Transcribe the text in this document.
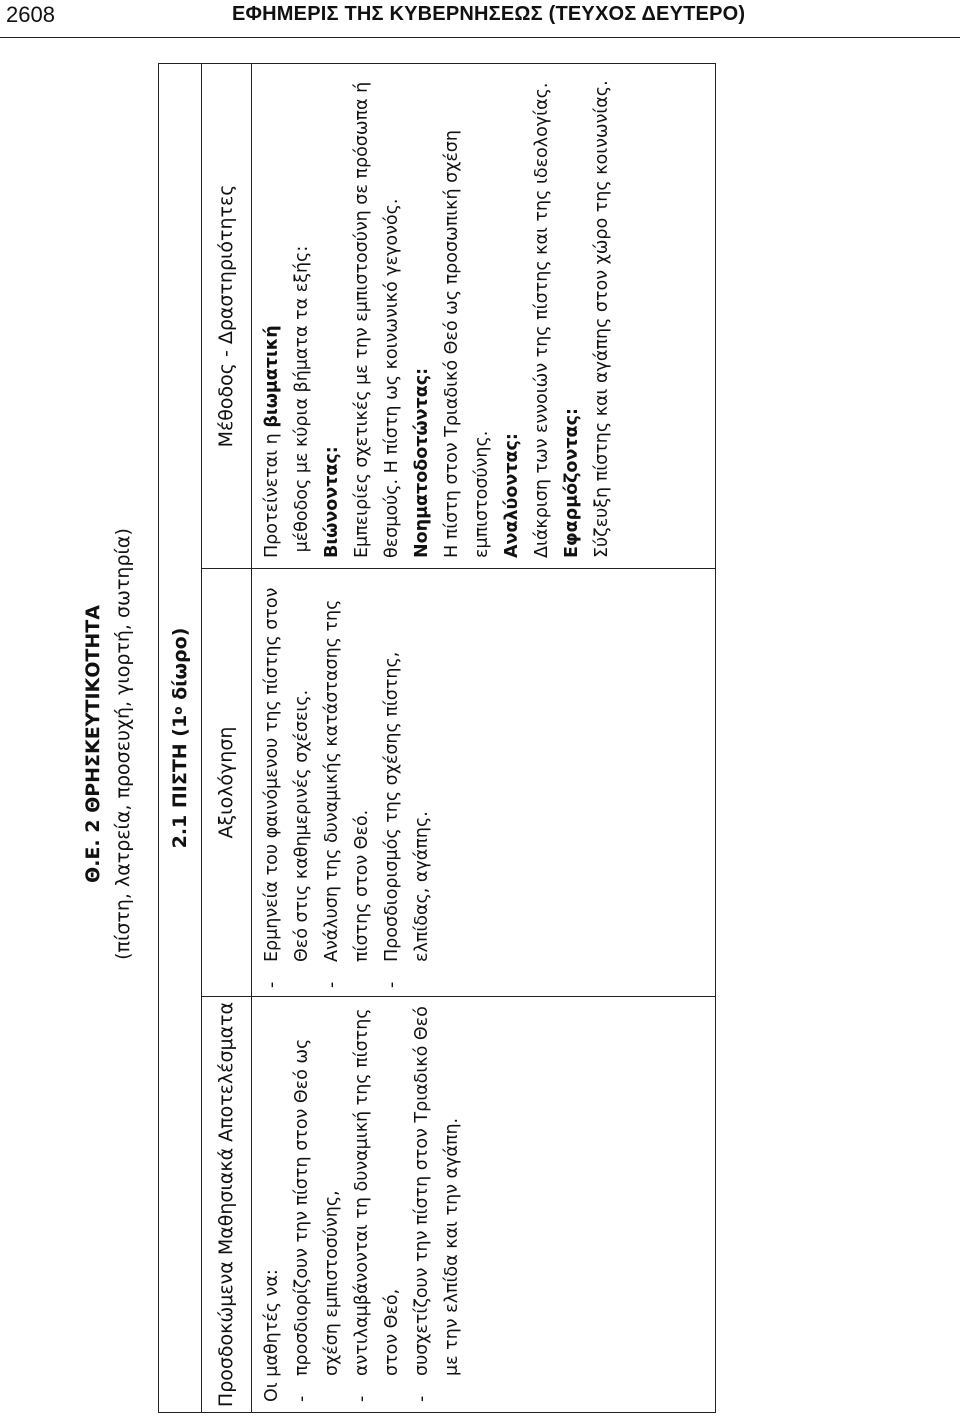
2608	ΕΦΗΜΕΡΙΣ ΤΗΣ ΚΥΒΕΡΝΗΣΕΩΣ (ΤΕΥΧΟΣ ΔΕΥΤΕΡΟ)
Θ.Ε. 2 ΘΡΗΣΚΕΥΤΙΚΟΤΗΤΑ (πίστη, λατρεία, προσευχή, γιορτή, σωτηρία) 2.1 ΠΙΣΤΗ (1
$^o$
δίωρο)
Προσδοκώμενα Μαθησιακά Αποτελέσματα
Αξιολόγηση
Μέθοδος - Δραστηριότητες
Οι μαθητές να: -
προσδιορίζουν την πίστη στον Θεό ως σχέση εμπιστοσύνης,
-
αντιλαμβάνονται τη δυναμική της πίστης στον Θεό,
-
συσχετίζουν την πίστη στον Τριαδικό Θεό με την ελπίδα και την αγάπη.
-
Ερμηνεία του φαινόμενου της πίστης στον Θεό στις καθημερινές σχέσεις.
-
Ανάλυση της δυναμικής κατάστασης της πίστης στον Θεό.
-
Προσδιορισμός της σχέσης πίστης, ελπίδας, αγάπης.
Προτείνεται η βιωματική μέθοδος με κύρια βήματα τα εξής: Βιώνοντας: Εμπειρίες σχετικές με την εμπιστοσύνη σε πρόσωπα ή θεσμούς. Η πίστη ως κοινωνικό γεγονός. Νοηματοδοτώντας: Η πίστη στον Τριαδικό Θεό ως προσωπική σχέση εμπιστοσύνης. Αναλύοντας: Διάκριση των εννοιών της πίστης και της ιδεολογίας. Εφαρμόζοντας: Σύζευξη πίστης και αγάπης στον χώρο της κοινωνίας.
